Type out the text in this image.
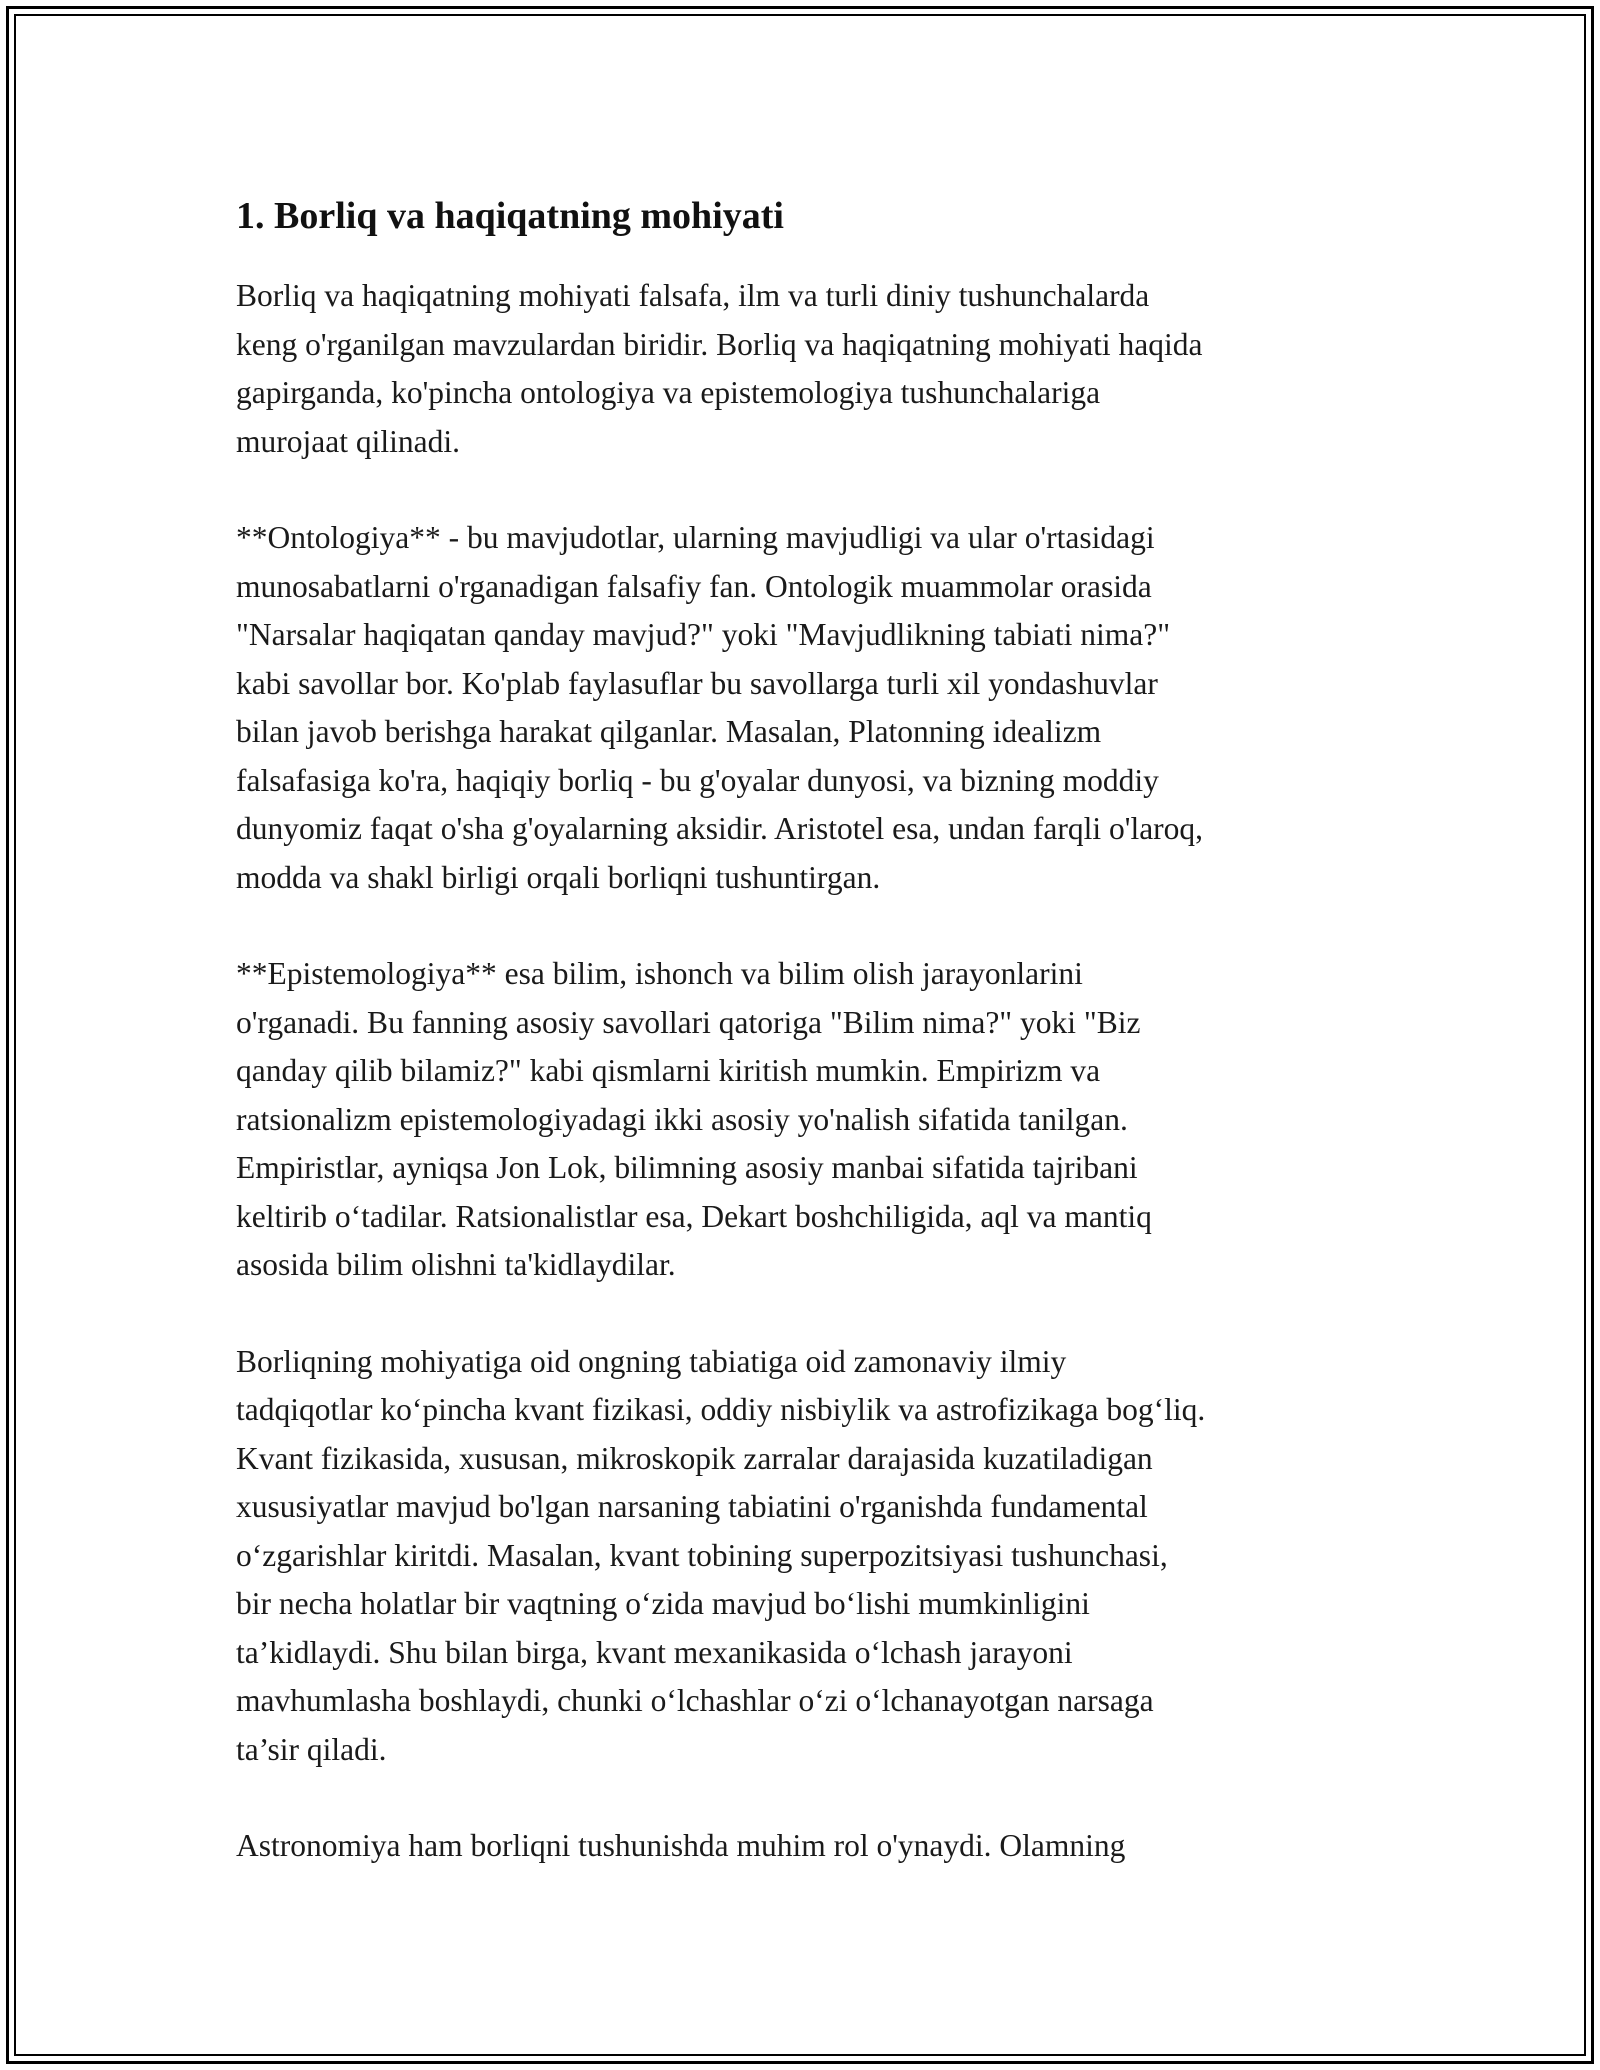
1. Borliq va haqiqatning mohiyati

Borliq va haqiqatning mohiyati falsafa, ilm va turli diniy tushunchalarda
keng o'rganilgan mavzulardan biridir. Borliq va haqiqatning mohiyati haqida
gapirganda, ko'pincha ontologiya va epistemologiya tushunchalariga
murojaat qilinadi.

**Ontologiya** - bu mavjudotlar, ularning mavjudligi va ular o'rtasidagi
munosabatlarni o'rganadigan falsafiy fan. Ontologik muammolar orasida
"Narsalar haqiqatan qanday mavjud?" yoki "Mavjudlikning tabiati nima?"
kabi savollar bor. Ko'plab faylasuflar bu savollarga turli xil yondashuvlar
bilan javob berishga harakat qilganlar. Masalan, Platonning idealizm
falsafasiga ko'ra, haqiqiy borliq - bu g'oyalar dunyosi, va bizning moddiy
dunyomiz faqat o'sha g'oyalarning aksidir. Aristotel esa, undan farqli o'laroq,
modda va shakl birligi orqali borliqni tushuntirgan.

**Epistemologiya** esa bilim, ishonch va bilim olish jarayonlarini
o'rganadi. Bu fanning asosiy savollari qatoriga "Bilim nima?" yoki "Biz
qanday qilib bilamiz?" kabi qismlarni kiritish mumkin. Empirizm va
ratsionalizm epistemologiyadagi ikki asosiy yo'nalish sifatida tanilgan.
Empiristlar, ayniqsa Jon Lok, bilimning asosiy manbai sifatida tajribani
keltirib o‘tadilar. Ratsionalistlar esa, Dekart boshchiligida, aql va mantiq
asosida bilim olishni ta'kidlaydilar.

Borliqning mohiyatiga oid ongning tabiatiga oid zamonaviy ilmiy
tadqiqotlar ko‘pincha kvant fizikasi, oddiy nisbiylik va astrofizikaga bog‘liq.
Kvant fizikasida, xususan, mikroskopik zarralar darajasida kuzatiladigan
xususiyatlar mavjud bo'lgan narsaning tabiatini o'rganishda fundamental
o‘zgarishlar kiritdi. Masalan, kvant tobining superpozitsiyasi tushunchasi,
bir necha holatlar bir vaqtning o‘zida mavjud bo‘lishi mumkinligini
ta’kidlaydi. Shu bilan birga, kvant mexanikasida o‘lchash jarayoni
mavhumlasha boshlaydi, chunki o‘lchashlar o‘zi o‘lchanayotgan narsaga
ta’sir qiladi.

Astronomiya ham borliqni tushunishda muhim rol o'ynaydi. Olamning
